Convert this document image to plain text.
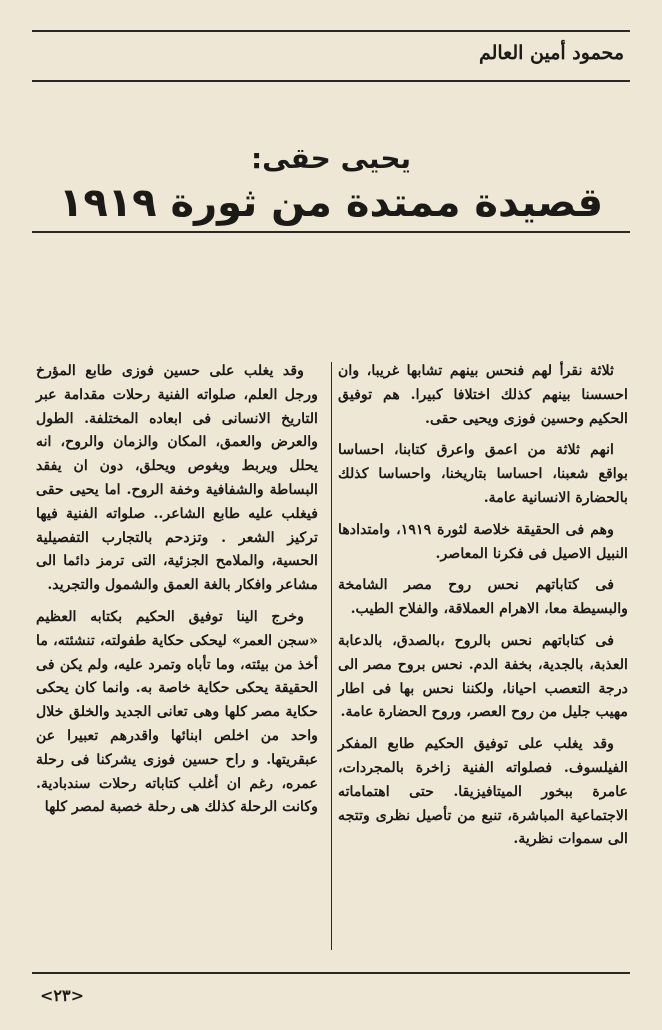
محمود أمين العالم
يحيى حقى:
قصيدة ممتدة من ثورة ١٩١٩

ثلاثة نقرأ لهم فنحس بينهم تشابها غريبا، وان احسسنا بينهم كذلك اختلافا كبيرا. هم توفيق الحكيم وحسين فوزى ويحيى حقى.

انهم ثلاثة من اعمق واعرق كتابنا، احساسا بواقع شعبنا، احساسا بتاريخنا، واحساسا كذلك بالحضارة الانسانية عامة.

وهم فى الحقيقة خلاصة لثورة ١٩١٩، وامتدادها النبيل الاصيل فى فكرنا المعاصر.

فى كتاباتهم نحس روح مصر الشامخة والبسيطة معا، الاهرام العملاقة، والفلاح الطيب.

فى كتاباتهم نحس بالروح ،بالصدق، بالدعابة العذبة، بالجدية، بخفة الدم. نحس بروح مصر الى درجة التعصب احيانا، ولكننا نحس بها فى اطار مهيب جليل من روح العصر، وروح الحضارة عامة.

وقد يغلب على توفيق الحكيم طابع المفكر الفيلسوف. فصلواته الفنية زاخرة بالمجردات، عامرة ببخور الميتافيزيقا. حتى اهتماماته الاجتماعية المباشرة، تنبع من تأصيل نظرى وتتجه الى سموات نظرية.

وقد يغلب على حسين فوزى طابع المؤرخ ورجل العلم، صلواته الفنية رحلات مقدامة عبر التاريخ الانسانى فى ابعاده المختلفة. الطول والعرض والعمق، المكان والزمان والروح، انه يحلل ويربط ويغوص ويحلق، دون ان يفقد البساطة والشفافية وخفة الروح. اما يحيى حقى فيغلب عليه طابع الشاعر.. صلواته الفنية فيها تركيز الشعر . وتزدحم بالتجارب التفصيلية الحسية، والملامح الجزئية، التى ترمز دائما الى مشاعر وافكار بالغة العمق والشمول والتجريد.

وخرج الينا توفيق الحكيم بكتابه العظيم «سجن العمر» ليحكى حكاية طفولته، تنشئته، ما أخذ من بيئته، وما تأباه وتمرد عليه، ولم يكن فى الحقيقة يحكى حكاية خاصة به. وانما كان يحكى حكاية مصر كلها وهى تعانى الجديد والخلق خلال واحد من اخلص ابنائها واقدرهم تعبيرا عن عبقريتها. و راح حسين فوزى يشركنا فى رحلة عمره، رغم ان أغلب كتاباته رحلات سندبادية. وكانت الرحلة كذلك هى رحلة خصبة لمصر كلها

<٢٣>
